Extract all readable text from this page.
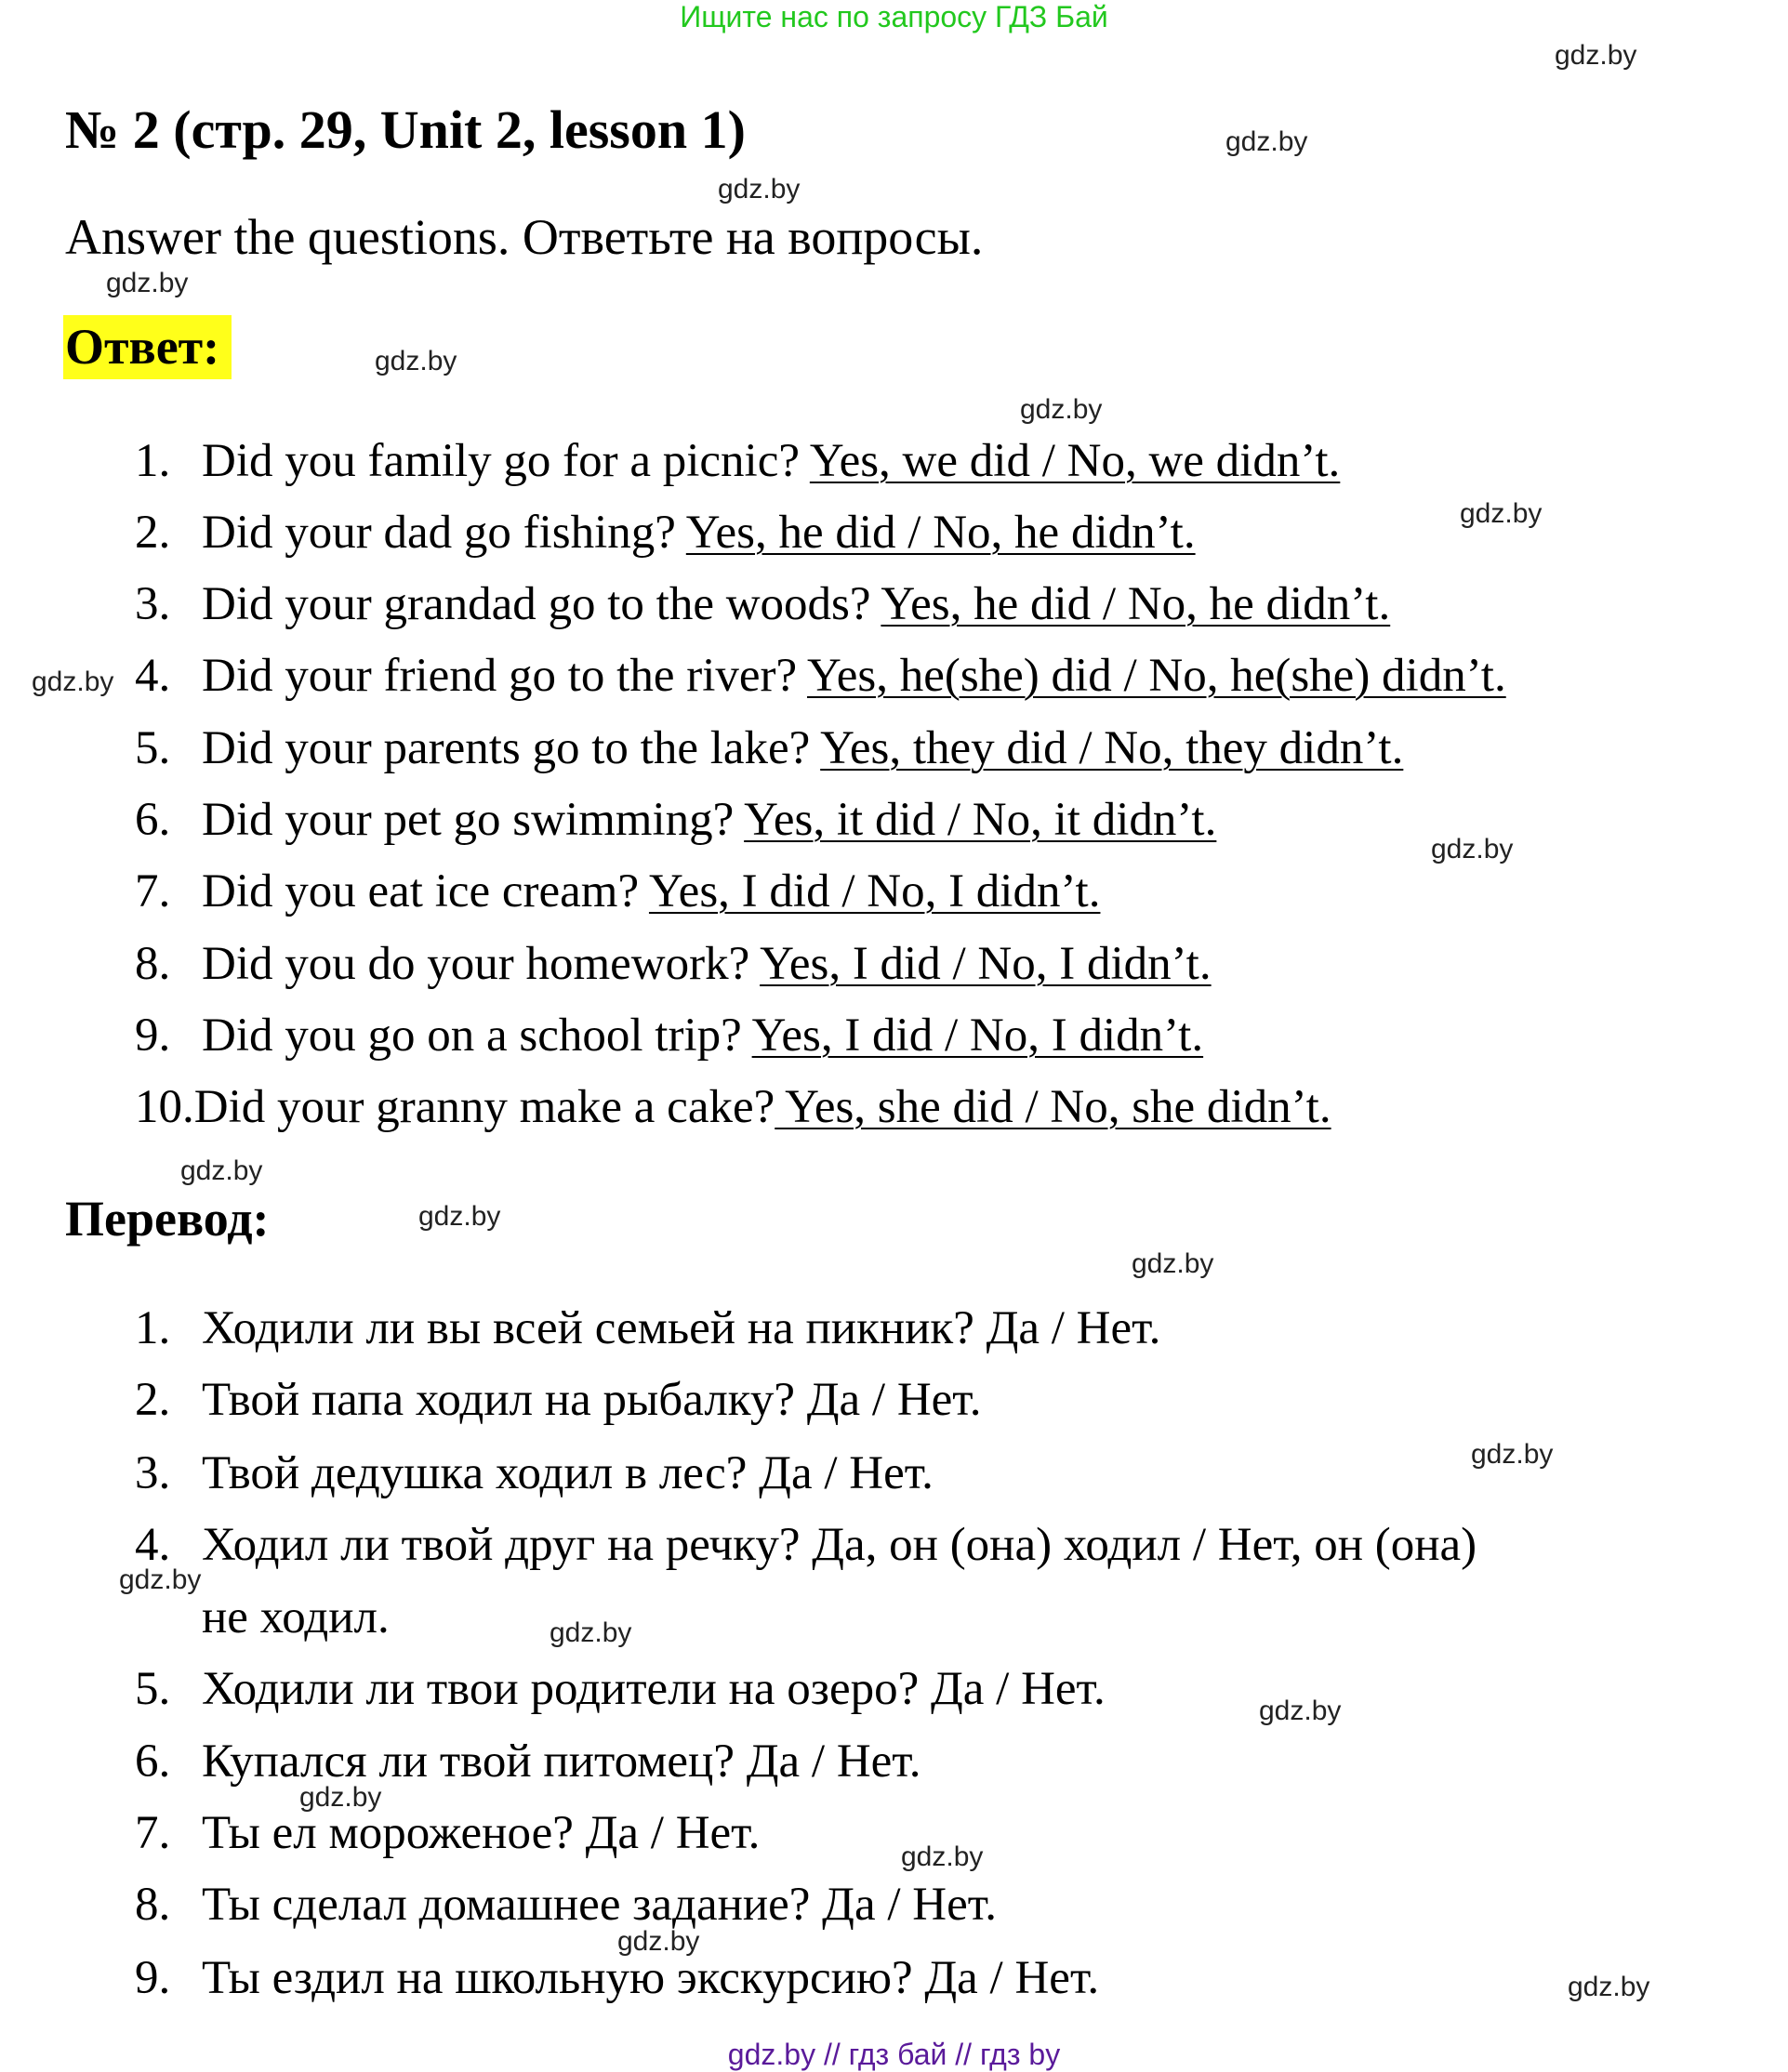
Ищите нас по запросу ГДЗ Бай
№ 2 (стр. 29, Unit 2, lesson 1)
Answer the questions. Ответьте на вопросы.
Ответ:
1. Did you family go for a picnic? Yes, we did / No, we didn’t.
2. Did your dad go fishing? Yes, he did / No, he didn’t.
3. Did your grandad go to the woods? Yes, he did / No, he didn’t.
4. Did your friend go to the river? Yes, he(she) did / No, he(she) didn’t.
5. Did your parents go to the lake? Yes, they did / No, they didn’t.
6. Did your pet go swimming? Yes, it did / No, it didn’t.
7. Did you eat ice cream? Yes, I did / No, I didn’t.
8. Did you do your homework? Yes, I did / No, I didn’t.
9. Did you go on a school trip? Yes, I did / No, I didn’t.
10.Did your granny make a cake? Yes, she did / No, she didn’t.
Перевод:
1. Ходили ли вы всей семьей на пикник? Да / Нет.
2. Твой папа ходил на рыбалку? Да / Нет.
3. Твой дедушка ходил в лес? Да / Нет.
4. Ходил ли твой друг на речку? Да, он (она) ходил / Нет, он (она)
не ходил.
5. Ходили ли твои родители на озеро? Да / Нет.
6. Купался ли твой питомец? Да / Нет.
7. Ты ел мороженое? Да / Нет.
8. Ты сделал домашнее задание? Да / Нет.
9. Ты ездил на школьную экскурсию? Да / Нет.
gdz.by
gdz.by
gdz.by
gdz.by
gdz.by
gdz.by
gdz.by
gdz.by
gdz.by
gdz.by
gdz.by
gdz.by
gdz.by
gdz.by
gdz.by
gdz.by
gdz.by
gdz.by
gdz.by
gdz.by
gdz.by // гдз бай // гдз by
